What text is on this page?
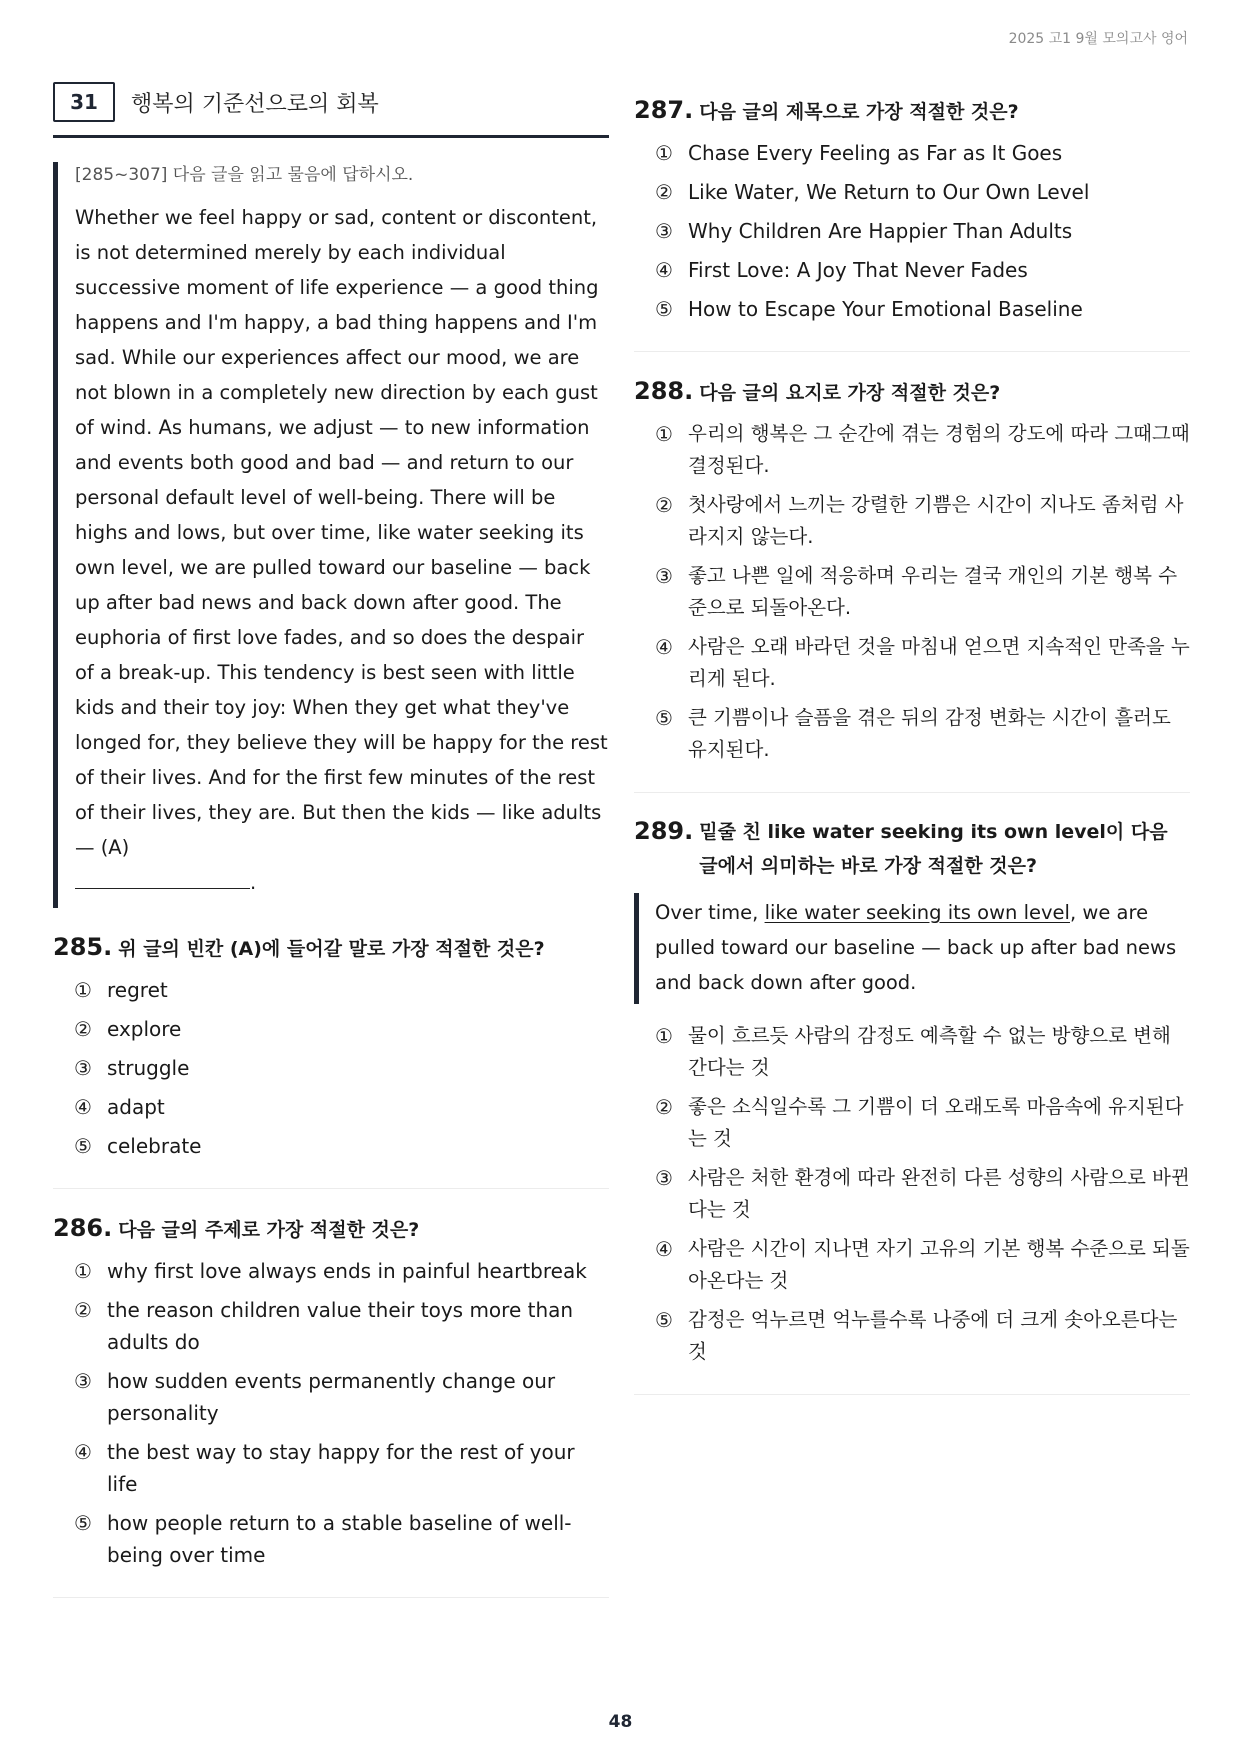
2025 고1 9월 모의고사 영어
31	행복의 기준선으로의 회복
[285~307] 다음 글을 읽고 물음에 답하시오.
Whether we feel happy or sad, content or discontent, is not determined merely by each individual successive moment of life experience — a good thing happens and I'm happy, a bad thing happens and I'm sad. While our experiences affect our mood, we are not blown in a completely new direction by each gust of wind. As humans, we adjust — to new information and events both good and bad — and return to our personal default level of well-being. There will be highs and lows, but over time, like water seeking its own level, we are pulled toward our baseline — back up after bad news and back down after good. The euphoria of first love fades, and so does the despair of a break-up. This tendency is best seen with little kids and their toy joy: When they get what they've longed for, they believe they will be happy for the rest of their lives. And for the first few minutes of the rest of their lives, they are. But then the kids — like adults — (A)
.
285 . 위 글의 빈칸 (A)에 들어갈 말로 가장 적절한 것은?
① regret
② explore
③ struggle
④ adapt
⑤ celebrate
286 . 다음 글의 주제로 가장 적절한 것은?
① why first love always ends in painful heartbreak
② the reason children value their toys more than adults do
③ how sudden events permanently change our personality
④ the best way to stay happy for the rest of your life
⑤ how people return to a stable baseline of well-being over time
287 . 다음 글의 제목으로 가장 적절한 것은?
① Chase Every Feeling as Far as It Goes
② Like Water, We Return to Our Own Level
③ Why Children Are Happier Than Adults
④ First Love: A Joy That Never Fades
⑤ How to Escape Your Emotional Baseline
288 . 다음 글의 요지로 가장 적절한 것은?
① 우리의 행복은 그 순간에 겪는 경험의 강도에 따라 그때그때 결정된다.
② 첫사랑에서 느끼는 강렬한 기쁨은 시간이 지나도 좀처럼 사라지지 않는다.
③ 좋고 나쁜 일에 적응하며 우리는 결국 개인의 기본 행복 수준으로 되돌아온다.
④ 사람은 오래 바라던 것을 마침내 얻으면 지속적인 만족을 누리게 된다.
⑤ 큰 기쁨이나 슬픔을 겪은 뒤의 감정 변화는 시간이 흘러도 유지된다.
289 . 밑줄 친 like water seeking its own level이 다음 글에서 의미하는 바로 가장 적절한 것은?
Over time, like water seeking its own level, we are pulled toward our baseline — back up after bad news and back down after good.
① 물이 흐르듯 사람의 감정도 예측할 수 없는 방향으로 변해 간다는 것
② 좋은 소식일수록 그 기쁨이 더 오래도록 마음속에 유지된다는 것
③ 사람은 처한 환경에 따라 완전히 다른 성향의 사람으로 바뀐다는 것
④ 사람은 시간이 지나면 자기 고유의 기본 행복 수준으로 되돌아온다는 것
⑤ 감정은 억누르면 억누를수록 나중에 더 크게 솟아오른다는 것
48
